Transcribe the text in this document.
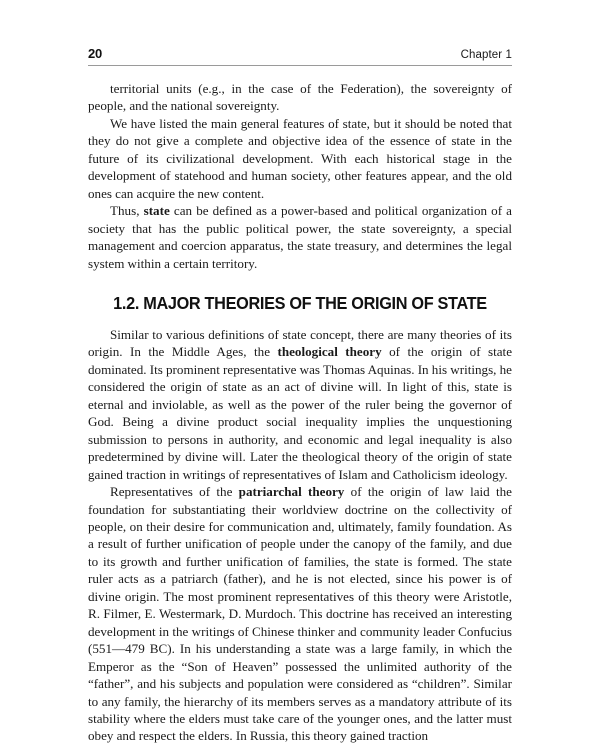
20	Chapter 1

territorial units (e.g., in the case of the Federation), the sovereignty of people, and the national sovereignty.

We have listed the main general features of state, but it should be noted that they do not give a complete and objective idea of the essence of state in the future of its civilizational development. With each historical stage in the development of statehood and human society, other features appear, and the old ones can acquire the new content.

Thus, state can be defined as a power-based and political organization of a society that has the public political power, the state sovereignty, a special management and coercion apparatus, the state treasury, and determines the legal system within a certain territory.

1.2. MAJOR THEORIES OF THE ORIGIN OF STATE

Similar to various definitions of state concept, there are many theories of its origin. In the Middle Ages, the theological theory of the origin of state dominated. Its prominent representative was Thomas Aquinas. In his writings, he considered the origin of state as an act of divine will. In light of this, state is eternal and inviolable, as well as the power of the ruler being the governor of God. Being a divine product social inequality implies the unquestioning submission to persons in authority, and economic and legal inequality is also predetermined by divine will. Later the theological theory of the origin of state gained traction in writings of representatives of Islam and Catholicism ideology.

Representatives of the patriarchal theory of the origin of law laid the foundation for substantiating their worldview doctrine on the collectivity of people, on their desire for communication and, ultimately, family foundation. As a result of further unification of people under the canopy of the family, and due to its growth and further unification of families, the state is formed. The state ruler acts as a patriarch (father), and he is not elected, since his power is of divine origin. The most prominent representatives of this theory were Aristotle, R. Filmer, E. Westermark, D. Murdoch. This doctrine has received an interesting development in the writings of Chinese thinker and community leader Confucius (551—479 BC). In his understanding a state was a large family, in which the Emperor as the “Son of Heaven” possessed the unlimited authority of the “father”, and his subjects and population were considered as “children”. Similar to any family, the hierarchy of its members serves as a mandatory attribute of its stability where the elders must take care of the younger ones, and the latter must obey and respect the elders. In Russia, this theory gained traction
